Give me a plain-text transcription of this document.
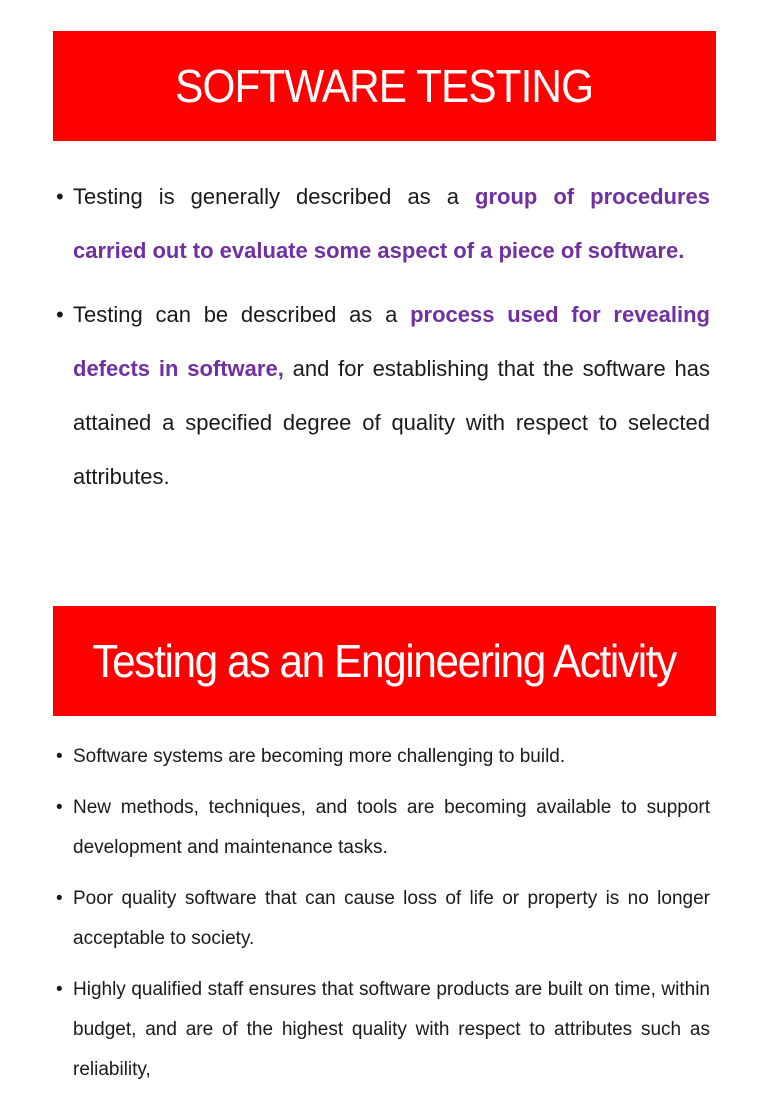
SOFTWARE TESTING
• Testing is generally described as a group of procedures carried out to evaluate some aspect of a piece of software.
• Testing can be described as a process used for revealing defects in software, and for establishing that the software has attained a specified degree of quality with respect to selected attributes.
Testing as an Engineering Activity
• Software systems are becoming more challenging to build.
• New methods, techniques, and tools are becoming available to support development and maintenance tasks.
• Poor quality software that can cause loss of life or property is no longer acceptable to society.
• Highly qualified staff ensures that software products are built on time, within budget, and are of the highest quality with respect to attributes such as reliability,
